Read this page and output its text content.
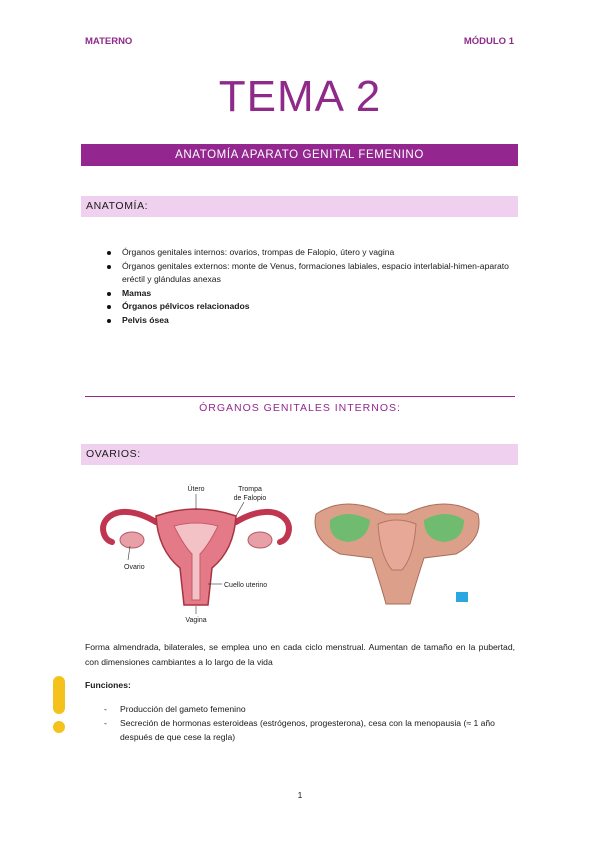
MATERNO	MÓDULO 1
TEMA 2
ANATOMÍA APARATO GENITAL FEMENINO
ANATOMÍA:
Órganos genitales internos: ovarios, trompas de Falopio, útero y vagina
Órganos genitales externos: monte de Venus, formaciones labiales, espacio interlabial-himen-aparato eréctil y glándulas anexas
Mamas
Órganos pélvicos relacionados
Pelvis ósea
ÓRGANOS GENITALES INTERNOS:
OVARIOS:
Útero	Trompa
de Falopio
Ovario
Cuello uterino
Vagina
Forma almendrada, bilaterales, se emplea uno en cada ciclo menstrual. Aumentan de tamaño en la pubertad, con dimensiones cambiantes a lo largo de la vida
Funciones:
- Producción del gameto femenino
- Secreción de hormonas esteroideas (estrógenos, progesterona), cesa con la menopausia (≈ 1 año después de que cese la regla)
1
